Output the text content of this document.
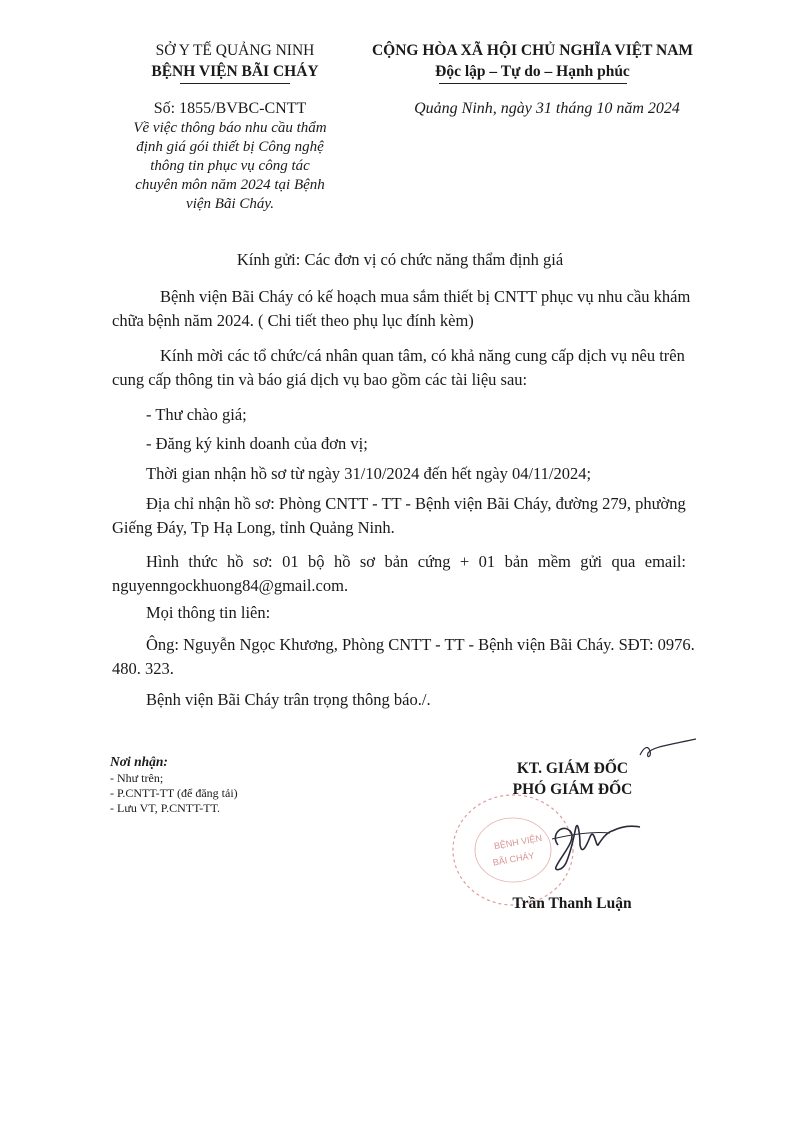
SỞ Y TẾ QUẢNG NINH
BỆNH VIỆN BÃI CHÁY
CỘNG HÒA XÃ HỘI CHỦ NGHĨA VIỆT NAM
Độc lập – Tự do – Hạnh phúc
Số: 1855/BVBC-CNTT
Về việc thông báo nhu cầu thẩm
định giá gói thiết bị Công nghệ
thông tin phục vụ công tác
chuyên môn năm 2024 tại Bệnh
viện Bãi Cháy.
Quảng Ninh, ngày 31 tháng 10 năm 2024
Kính gửi: Các đơn vị có chức năng thẩm định giá
Bệnh viện Bãi Cháy có kế hoạch mua sắm thiết bị CNTT phục vụ nhu cầu khám
chữa bệnh năm 2024. ( Chi tiết theo phụ lục đính kèm)
Kính mời các tổ chức/cá nhân quan tâm, có khả năng cung cấp dịch vụ nêu trên
cung cấp thông tin và báo giá dịch vụ bao gồm các tài liệu sau:
- Thư chào giá;
- Đăng ký kinh doanh của đơn vị;
Thời gian nhận hồ sơ từ ngày 31/10/2024 đến hết ngày 04/11/2024;
Địa chỉ nhận hồ sơ: Phòng CNTT - TT - Bệnh viện Bãi Cháy, đường 279, phường
Giếng Đáy, Tp Hạ Long, tỉnh Quảng Ninh.
Hình thức hồ sơ: 01 bộ hồ sơ bản cứng + 01 bản mềm gửi qua email:
nguyenngockhuong84@gmail.com.
Mọi thông tin liên:
Ông: Nguyễn Ngọc Khương, Phòng CNTT - TT - Bệnh viện Bãi Cháy. SĐT: 0976.
480. 323.
Bệnh viện Bãi Cháy trân trọng thông báo./.
Nơi nhận:
- Như trên;
- P.CNTT-TT (để đăng tải)
- Lưu VT, P.CNTT-TT.
KT. GIÁM ĐỐC
PHÓ GIÁM ĐỐC
BỆNH VIỆN
BÃI CHÁY
Trần Thanh Luận
